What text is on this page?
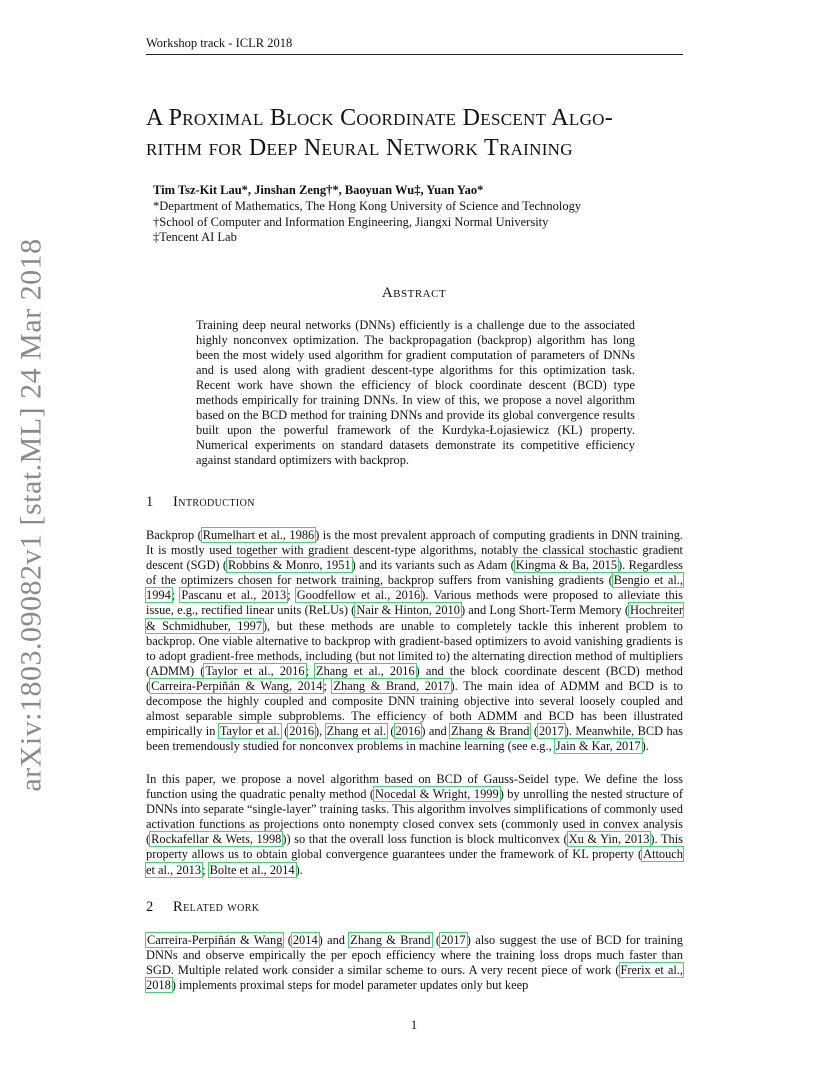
Workshop track - ICLR 2018
arXiv:1803.09082v1 [stat.ML] 24 Mar 2018
A Proximal Block Coordinate Descent Algo-
rithm for Deep Neural Network Training
Tim Tsz-Kit Lau*, Jinshan Zeng†*, Baoyuan Wu‡, Yuan Yao*
*Department of Mathematics, The Hong Kong University of Science and Technology
†School of Computer and Information Engineering, Jiangxi Normal University
‡Tencent AI Lab
Abstract
Training deep neural networks (DNNs) efficiently is a challenge due to the associated highly nonconvex optimization. The backpropagation (backprop) algorithm has long been the most widely used algorithm for gradient computation of parameters of DNNs and is used along with gradient descent-type algorithms for this optimization task. Recent work have shown the efficiency of block coordinate descent (BCD) type methods empirically for training DNNs. In view of this, we propose a novel algorithm based on the BCD method for training DNNs and provide its global convergence results built upon the powerful framework of the Kurdyka-Łojasiewicz (KL) property. Numerical experiments on standard datasets demonstrate its competitive efficiency against standard optimizers with backprop.
1 Introduction
Backprop (Rumelhart et al., 1986) is the most prevalent approach of computing gradients in DNN training. It is mostly used together with gradient descent-type algorithms, notably the classical stochastic gradient descent (SGD) (Robbins & Monro, 1951) and its variants such as Adam (Kingma & Ba, 2015). Regardless of the optimizers chosen for network training, backprop suffers from vanishing gradients (Bengio et al., 1994; Pascanu et al., 2013; Goodfellow et al., 2016). Various methods were proposed to alleviate this issue, e.g., rectified linear units (ReLUs) (Nair & Hinton, 2010) and Long Short-Term Memory (Hochreiter & Schmidhuber, 1997), but these methods are unable to completely tackle this inherent problem to backprop. One viable alternative to backprop with gradient-based optimizers to avoid vanishing gradients is to adopt gradient-free methods, including (but not limited to) the alternating direction method of multipliers (ADMM) (Taylor et al., 2016; Zhang et al., 2016) and the block coordinate descent (BCD) method (Carreira-Perpiñán & Wang, 2014; Zhang & Brand, 2017). The main idea of ADMM and BCD is to decompose the highly coupled and composite DNN training objective into several loosely coupled and almost separable simple subproblems. The efficiency of both ADMM and BCD has been illustrated empirically in Taylor et al. (2016), Zhang et al. (2016) and Zhang & Brand (2017). Meanwhile, BCD has been tremendously studied for nonconvex problems in machine learning (see e.g., Jain & Kar, 2017).
In this paper, we propose a novel algorithm based on BCD of Gauss-Seidel type. We define the loss function using the quadratic penalty method (Nocedal & Wright, 1999) by unrolling the nested structure of DNNs into separate “single-layer” training tasks. This algorithm involves simplifications of commonly used activation functions as projections onto nonempty closed convex sets (commonly used in convex analysis (Rockafellar & Wets, 1998)) so that the overall loss function is block multiconvex (Xu & Yin, 2013). This property allows us to obtain global convergence guarantees under the framework of KL property (Attouch et al., 2013; Bolte et al., 2014).
2 Related work
Carreira-Perpiñán & Wang (2014) and Zhang & Brand (2017) also suggest the use of BCD for training DNNs and observe empirically the per epoch efficiency where the training loss drops much faster than SGD. Multiple related work consider a similar scheme to ours. A very recent piece of work (Frerix et al., 2018) implements proximal steps for model parameter updates only but keep
1
